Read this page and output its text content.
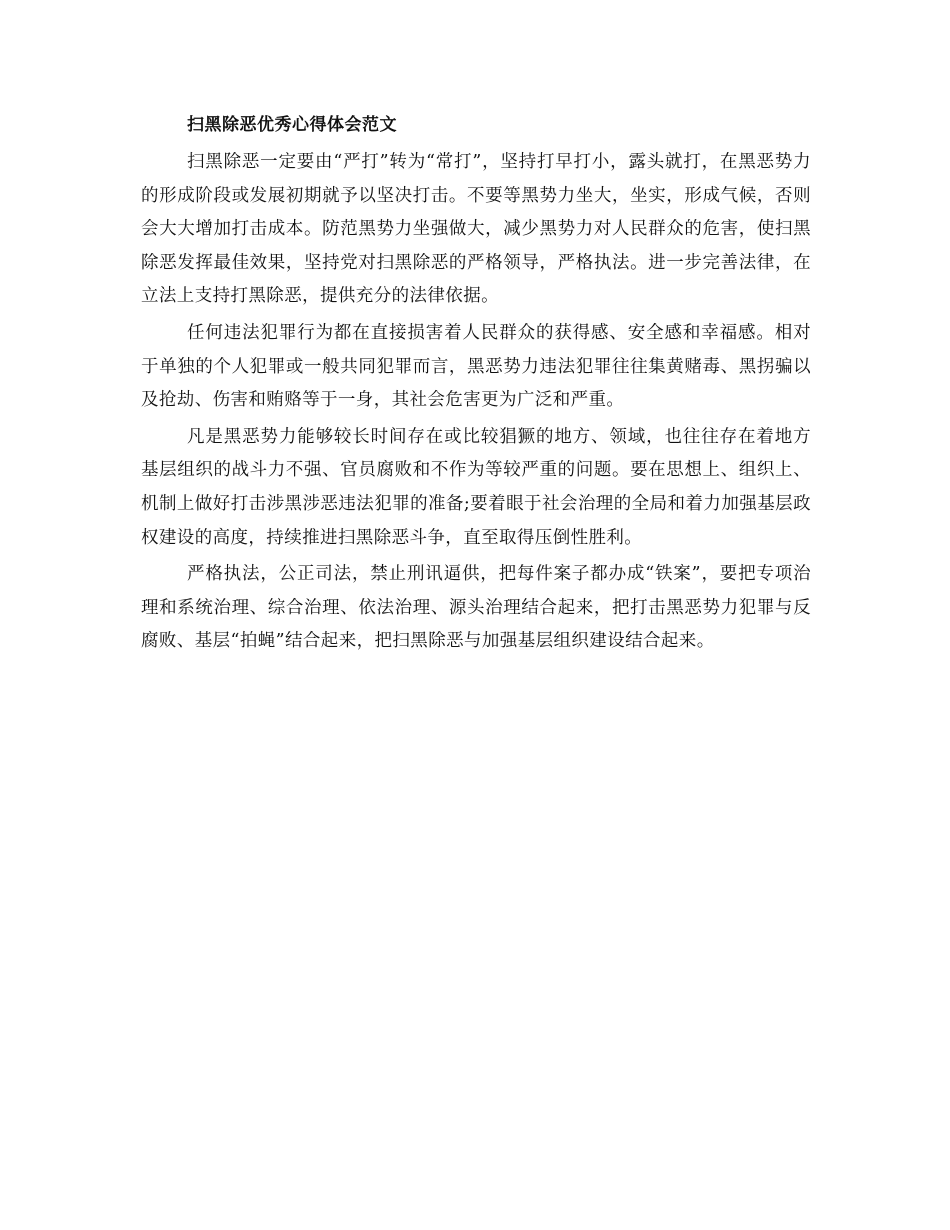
扫黑除恶优秀心得体会范文

扫黑除恶一定要由“严打”转为“常打”，坚持打早打小，露头就打，在黑恶势力的形成阶段或发展初期就予以坚决打击。不要等黑势力坐大，坐实，形成气候，否则会大大增加打击成本。防范黑势力坐强做大，减少黑势力对人民群众的危害，使扫黑除恶发挥最佳效果，坚持党对扫黑除恶的严格领导，严格执法。进一步完善法律，在立法上支持打黑除恶，提供充分的法律依据。

任何违法犯罪行为都在直接损害着人民群众的获得感、安全感和幸福感。相对于单独的个人犯罪或一般共同犯罪而言，黑恶势力违法犯罪往往集黄赌毒、黑拐骗以及抢劫、伤害和贿赂等于一身，其社会危害更为广泛和严重。

凡是黑恶势力能够较长时间存在或比较猖獗的地方、领域，也往往存在着地方基层组织的战斗力不强、官员腐败和不作为等较严重的问题。要在思想上、组织上、机制上做好打击涉黑涉恶违法犯罪的准备;要着眼于社会治理的全局和着力加强基层政权建设的高度，持续推进扫黑除恶斗争，直至取得压倒性胜利。

严格执法，公正司法，禁止刑讯逼供，把每件案子都办成“铁案”，要把专项治理和系统治理、综合治理、依法治理、源头治理结合起来，把打击黑恶势力犯罪与反腐败、基层“拍蝇”结合起来，把扫黑除恶与加强基层组织建设结合起来。
